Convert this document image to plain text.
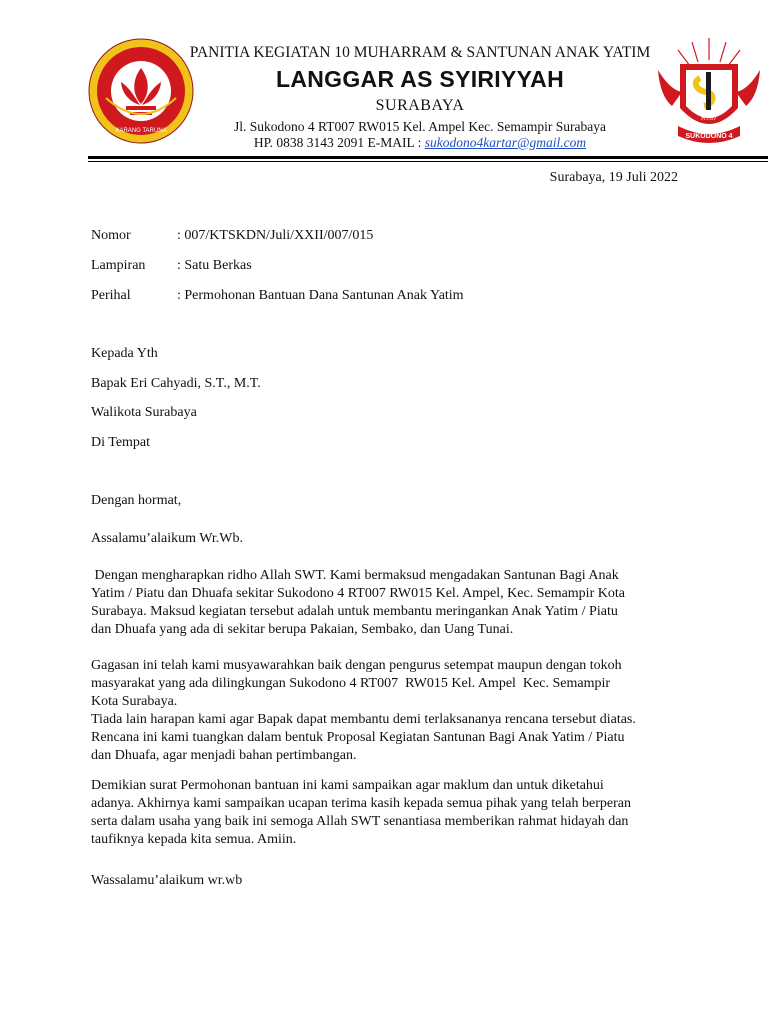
KARANG TARUNA
RT.07
SUKODONO 4
PANITIA KEGIATAN 10 MUHARRAM & SANTUNAN ANAK YATIM
LANGGAR AS SYIRIYYAH
SURABAYA
Jl. Sukodono 4 RT007 RW015 Kel. Ampel Kec. Semampir Surabaya
HP. 0838 3143 2091 E-MAIL : sukodono4kartar@gmail.com
Surabaya, 19 Juli 2022
Nomor	: 007/KTSKDN/Juli/XXII/007/015
Lampiran : Satu Berkas
Perihal	: Permohonan Bantuan Dana Santunan Anak Yatim
Kepada Yth
Bapak Eri Cahyadi, S.T., M.T.
Walikota Surabaya
Di Tempat
Dengan hormat,
Assalamu’alaikum Wr.Wb.

Dengan mengharapkan ridho Allah SWT. Kami bermaksud mengadakan Santunan Bagi Anak

Yatim / Piatu dan Dhuafa sekitar Sukodono 4 RT007 RW015 Kel. Ampel, Kec. Semampir Kota

Surabaya. Maksud kegiatan tersebut adalah untuk membantu meringankan Anak Yatim / Piatu

dan Dhuafa yang ada di sekitar berupa Pakaian, Sembako, dan Uang Tunai.

Gagasan ini telah kami musyawarahkan baik dengan pengurus setempat maupun dengan tokoh

masyarakat yang ada dilingkungan Sukodono 4 RT007  RW015 Kel. Ampel  Kec. Semampir

Kota Surabaya.

Tiada lain harapan kami agar Bapak dapat membantu demi terlaksananya rencana tersebut diatas.

Rencana ini kami tuangkan dalam bentuk Proposal Kegiatan Santunan Bagi Anak Yatim / Piatu

dan Dhuafa, agar menjadi bahan pertimbangan.

Demikian surat Permohonan bantuan ini kami sampaikan agar maklum dan untuk diketahui

adanya. Akhirnya kami sampaikan ucapan terima kasih kepada semua pihak yang telah berperan

serta dalam usaha yang baik ini semoga Allah SWT senantiasa memberikan rahmat hidayah dan

taufiknya kepada kita semua. Amiin.

Wassalamu’alaikum wr.wb
